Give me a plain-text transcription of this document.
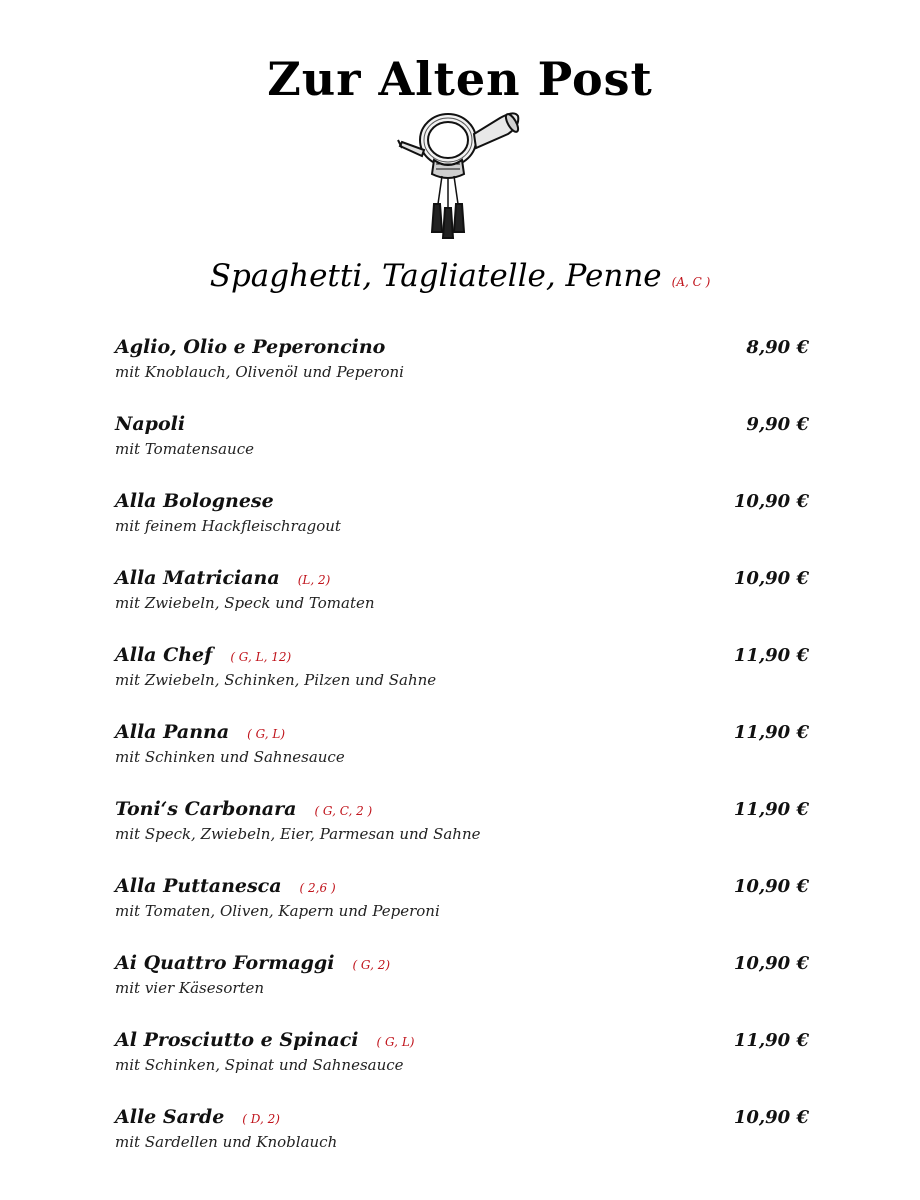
Zur Alten Post
Spaghetti, Tagliatelle, Penne (A, C )
Aglio, Olio e Peperoncino	8,90 €
mit Knoblauch, Olivenöl und Peperoni
Napoli	9,90 €
mit Tomatensauce
Alla Bolognese	10,90 €
mit feinem Hackfleischragout
Alla Matriciana (L, 2)	10,90 €
mit Zwiebeln, Speck und Tomaten
Alla Chef ( G, L, 12)	11,90 €
mit Zwiebeln, Schinken, Pilzen und Sahne
Alla Panna ( G, L)	11,90 €
mit Schinken und Sahnesauce
Toni‘s Carbonara ( G, C, 2 )	11,90 €
mit Speck, Zwiebeln, Eier, Parmesan und Sahne
Alla Puttanesca ( 2,6 )	10,90 €
mit Tomaten, Oliven, Kapern und Peperoni
Ai Quattro Formaggi ( G, 2)	10,90 €
mit vier Käsesorten
Al Prosciutto e Spinaci ( G, L)	11,90 €
mit Schinken, Spinat und Sahnesauce
Alle Sarde ( D, 2)	10,90 €
mit Sardellen und Knoblauch
